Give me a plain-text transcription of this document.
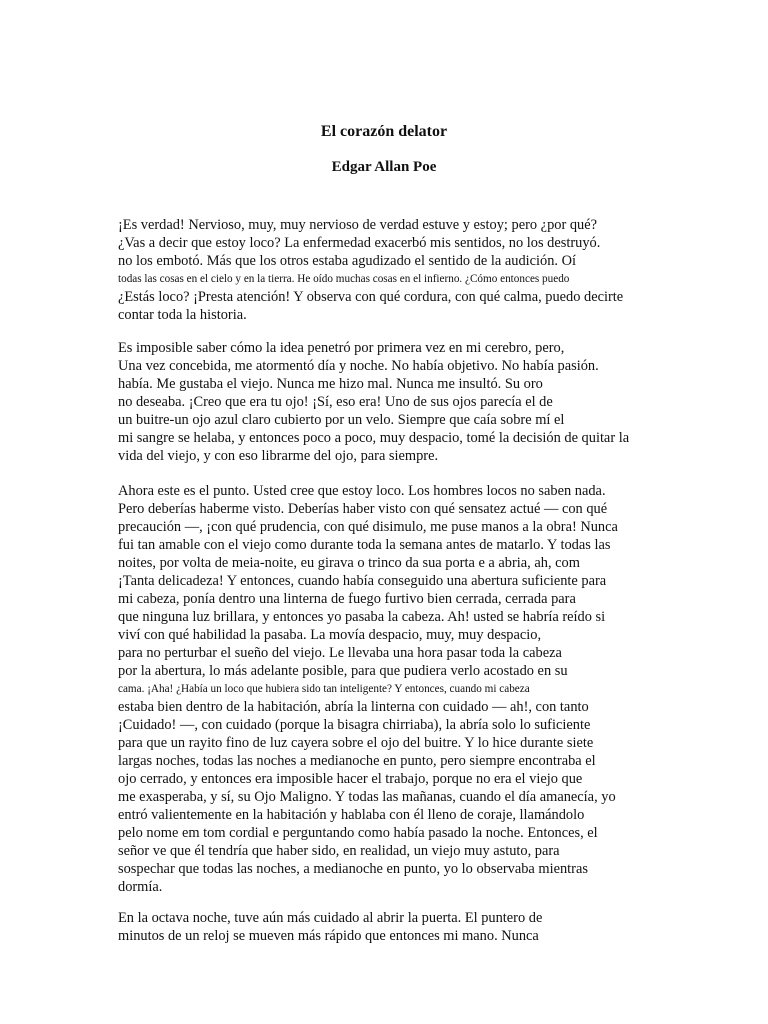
El corazón delator
Edgar Allan Poe
¡Es verdad! Nervioso, muy, muy nervioso de verdad estuve y estoy; pero ¿por qué?
¿Vas a decir que estoy loco? La enfermedad exacerbó mis sentidos, no los destruyó.
no los embotó. Más que los otros estaba agudizado el sentido de la audición. Oí
todas las cosas en el cielo y en la tierra. He oído muchas cosas en el infierno. ¿Cómo entonces puedo
¿Estás loco? ¡Presta atención! Y observa con qué cordura, con qué calma, puedo decirte
contar toda la historia.
Es imposible saber cómo la idea penetró por primera vez en mi cerebro, pero,
Una vez concebida, me atormentó día y noche. No había objetivo. No había pasión.
había. Me gustaba el viejo. Nunca me hizo mal. Nunca me insultó. Su oro
no deseaba. ¡Creo que era tu ojo! ¡Sí, eso era! Uno de sus ojos parecía el de
un buitre-un ojo azul claro cubierto por un velo. Siempre que caía sobre mí el
mi sangre se helaba, y entonces poco a poco, muy despacio, tomé la decisión de quitar la
vida del viejo, y con eso librarme del ojo, para siempre.
Ahora este es el punto. Usted cree que estoy loco. Los hombres locos no saben nada.
Pero deberías haberme visto. Deberías haber visto con qué sensatez actué — con qué
precaución —, ¡con qué prudencia, con qué disimulo, me puse manos a la obra! Nunca
fui tan amable con el viejo como durante toda la semana antes de matarlo. Y todas las
noites, por volta de meia-noite, eu girava o trinco da sua porta e a abria, ah, com
¡Tanta delicadeza! Y entonces, cuando había conseguido una abertura suficiente para
mi cabeza, ponía dentro una linterna de fuego furtivo bien cerrada, cerrada para
que ninguna luz brillara, y entonces yo pasaba la cabeza. Ah! usted se habría reído si
viví con qué habilidad la pasaba. La movía despacio, muy, muy despacio,
para no perturbar el sueño del viejo. Le llevaba una hora pasar toda la cabeza
por la abertura, lo más adelante posible, para que pudiera verlo acostado en su
cama. ¡Aha! ¿Había un loco que hubiera sido tan inteligente? Y entonces, cuando mi cabeza
estaba bien dentro de la habitación, abría la linterna con cuidado — ah!, con tanto
¡Cuidado! —, con cuidado (porque la bisagra chirriaba), la abría solo lo suficiente
para que un rayito fino de luz cayera sobre el ojo del buitre. Y lo hice durante siete
largas noches, todas las noches a medianoche en punto, pero siempre encontraba el
ojo cerrado, y entonces era imposible hacer el trabajo, porque no era el viejo que
me exasperaba, y sí, su Ojo Maligno. Y todas las mañanas, cuando el día amanecía, yo
entró valientemente en la habitación y hablaba con él lleno de coraje, llamándolo
pelo nome em tom cordial e perguntando como había pasado la noche. Entonces, el
señor ve que él tendría que haber sido, en realidad, un viejo muy astuto, para
sospechar que todas las noches, a medianoche en punto, yo lo observaba mientras
dormía.
En la octava noche, tuve aún más cuidado al abrir la puerta. El puntero de
minutos de un reloj se mueven más rápido que entonces mi mano. Nunca
